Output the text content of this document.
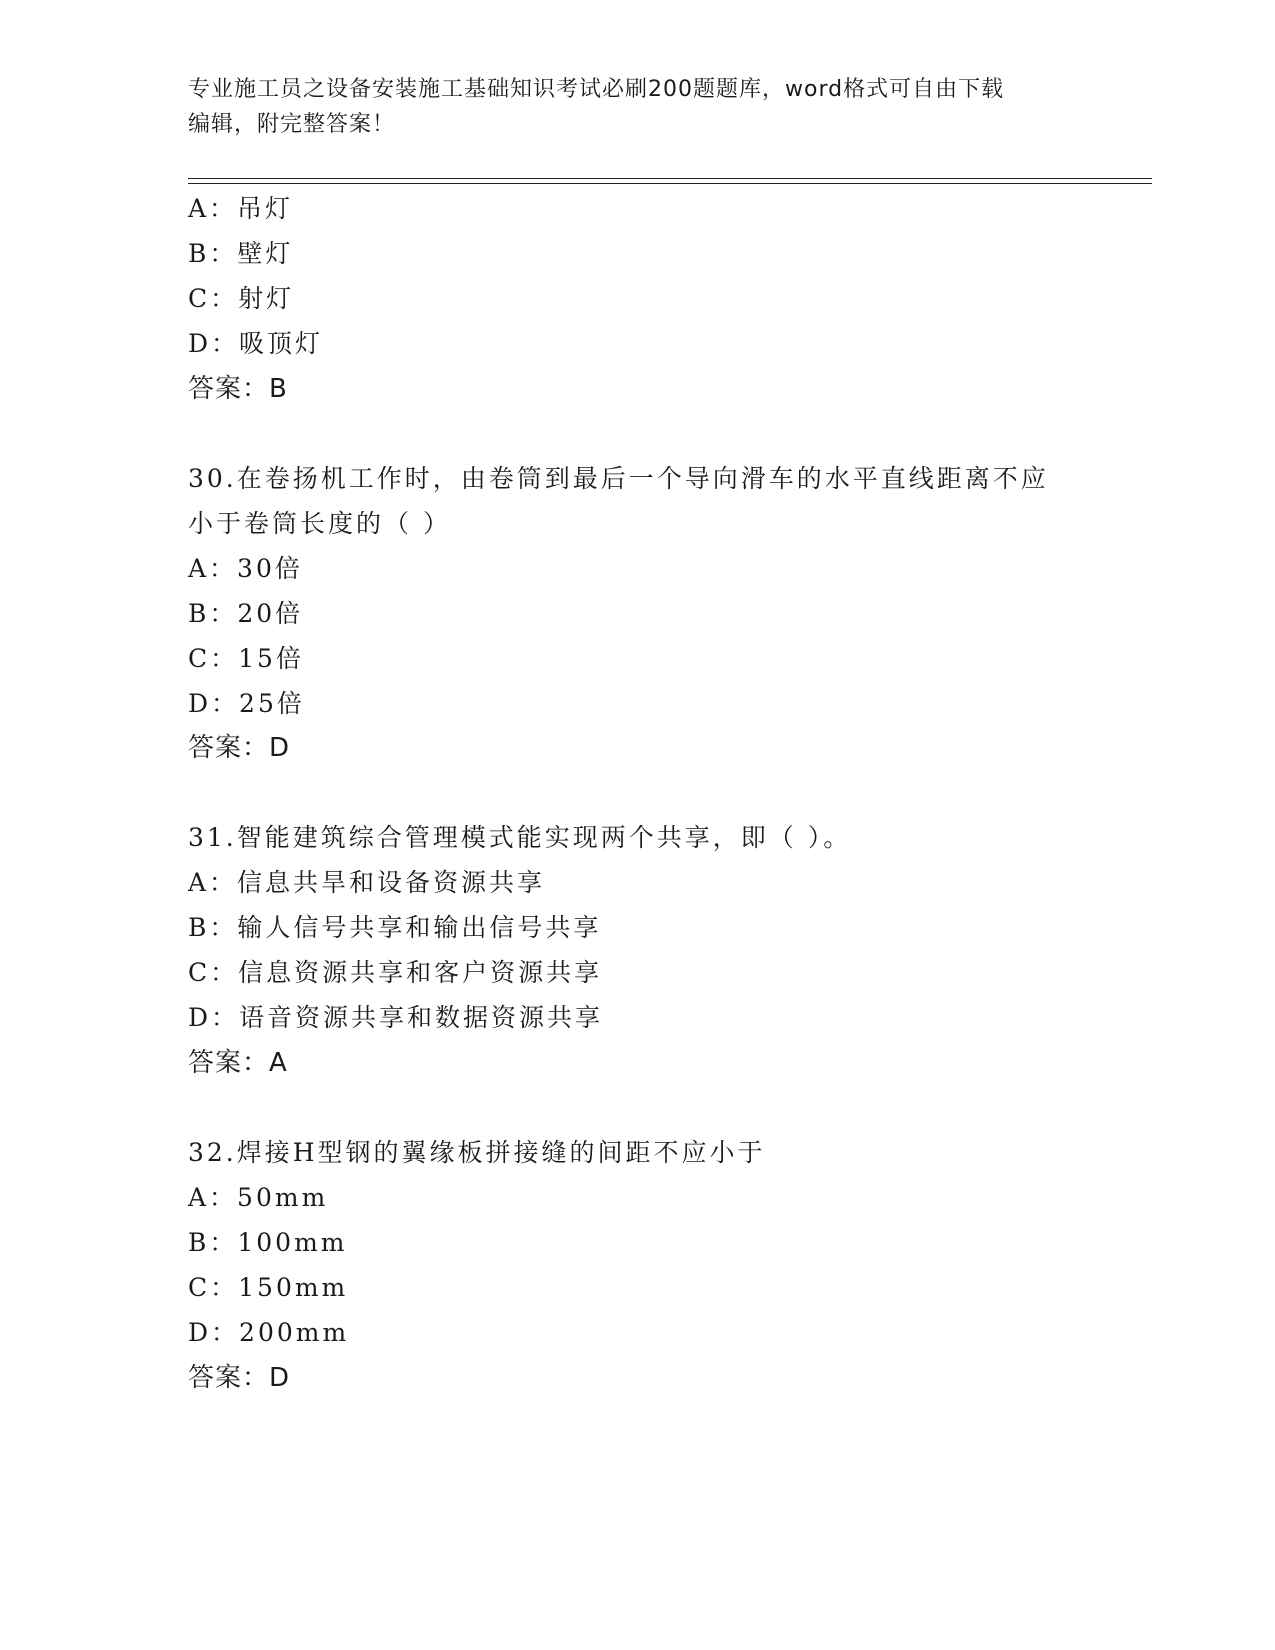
专业施工员之设备安装施工基础知识考试必刷200题题库，word格式可自由下载
编辑，附完整答案！
A：吊灯
B：壁灯
C：射灯
D：吸顶灯
答案：B
30.在卷扬机工作时，由卷筒到最后一个导向滑车的水平直线距离不应
小于卷筒长度的（ ）
A：30倍
B：20倍
C：15倍
D：25倍
答案：D
31.智能建筑综合管理模式能实现两个共享，即（ ）。
A：信息共旱和设备资源共享
B：输人信号共享和输出信号共享
C：信息资源共享和客户资源共享
D：语音资源共享和数据资源共享
答案：A
32.焊接H型钢的翼缘板拼接缝的间距不应小于
A：50mm
B：100mm
C：150mm
D：200mm
答案：D
